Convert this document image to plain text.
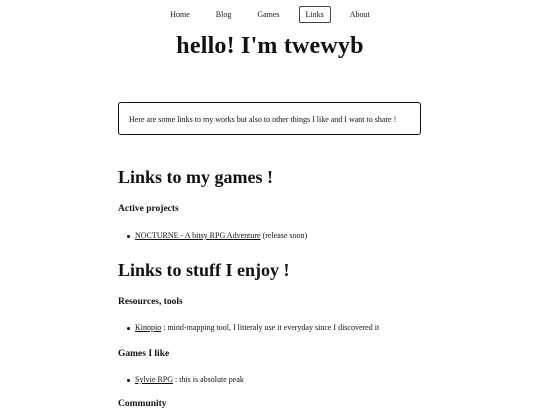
Home	Blog	Games	Links	About
hello! I'm twewyb
Here are some links to my works but also to other things I like and I want to share !
Links to my games !
Active projects

NOCTURNE - A bitsy RPG Adventure (release soon)

Links to stuff I enjoy !
Resources, tools

Kinopio : mind-mapping tool, I litteraly use it everyday since I discovered it

Games I like

Sylvie RPG : this is absolute peak

Community
